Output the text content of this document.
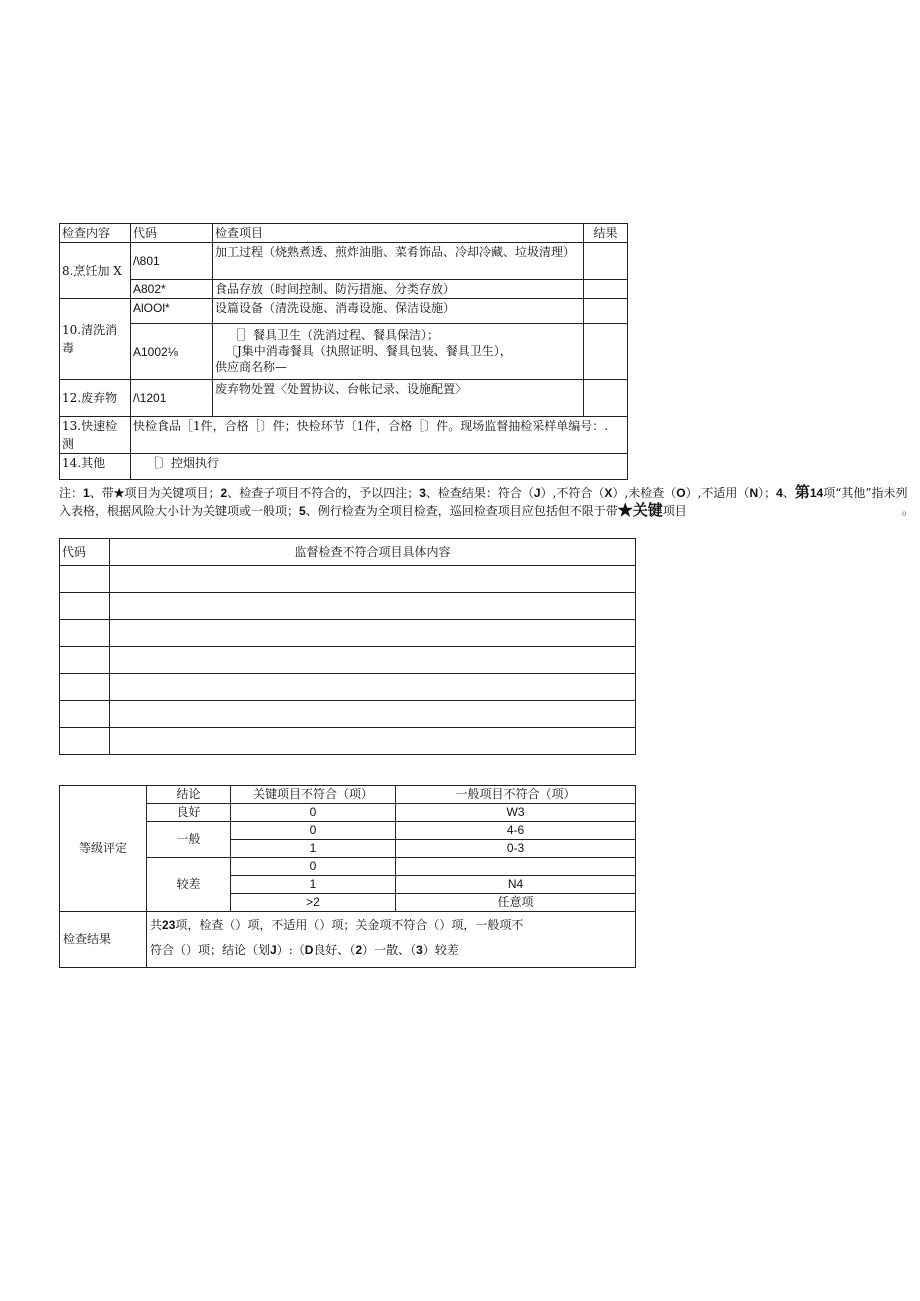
检查内容	代码	检查项目	结果
8.烹饪加 X	/\801	加工过程（烧熟煮透、煎炸油脂、菜肴饰品、冷却冷藏、垃圾清理）	
	A802*	食品存放（时间控制、防污措施、分类存放）	
10.清洗消毒	AlOOl*	设篇设备（清洗设施、消毒设施、保洁设施）	
	A1002⅛	［］餐具卫生（洗消过程、餐具保洁）；
〔J集中消毒餐具（执照证明、餐具包装、餐具卫生），
供应商名称—	

12.废弃物	/\1201	废弃物处置〈处置协议、台帐记录、设施配置〉	
13.快速检测	快检食品［1件，合格［〕件；快检环节〔1件，合格［〕件。现场监督抽检采样单编号：.		
14.其他	［〕控烟执行		
注：1、带★项目为关键项目；2、检查子项目不符合的，予以四注；3、检查结果：符合（J）,不符合（X）,未检查（O）,不适用（N）；4、第14项“其他”指未列入表格，根据风险大小计为关键项或一般项；5、例行检查为全项目检查，巡回检查项目应包括但不限于带★关键项目	。
代码	监督检查不符合项目具体内容

等级评定	结论	关键项目不符合（项）	一般项目不符合（项）
	良好	0	W3
	一般	0	4-6
		1	0-3
	较差	0	
		1	N4
		>2	任意项
检查结果	共23项，检查（）项，不适用（）项；关金项不符合（）项，一般项不
符合（）项；结论（划J）:（D良好、（2）一散、（3）较差		
